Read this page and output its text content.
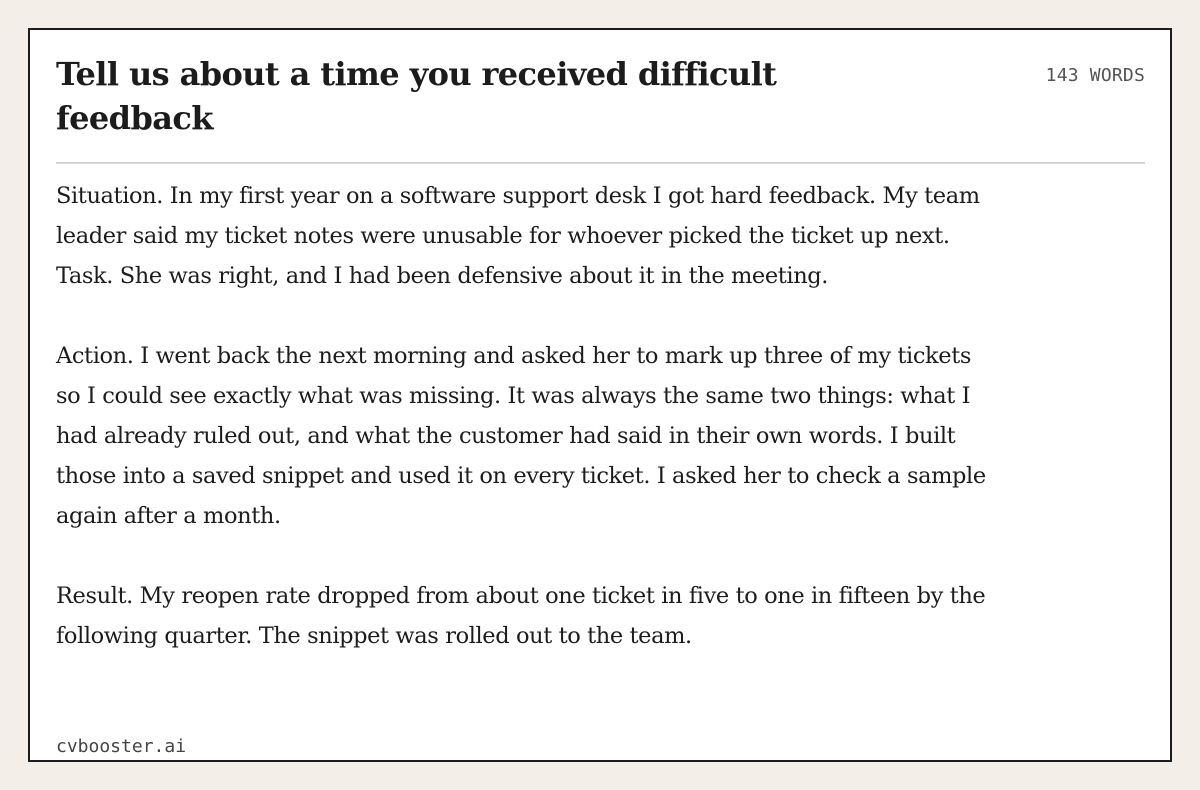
Tell us about a time you received difficult feedback
143 WORDS

Situation. In my first year on a software support desk I got hard feedback. My team leader said my ticket notes were unusable for whoever picked the ticket up next. Task. She was right, and I had been defensive about it in the meeting.

Action. I went back the next morning and asked her to mark up three of my tickets so I could see exactly what was missing. It was always the same two things: what I had already ruled out, and what the customer had said in their own words. I built those into a saved snippet and used it on every ticket. I asked her to check a sample again after a month.

Result. My reopen rate dropped from about one ticket in five to one in fifteen by the following quarter. The snippet was rolled out to the team.

cvbooster.ai
